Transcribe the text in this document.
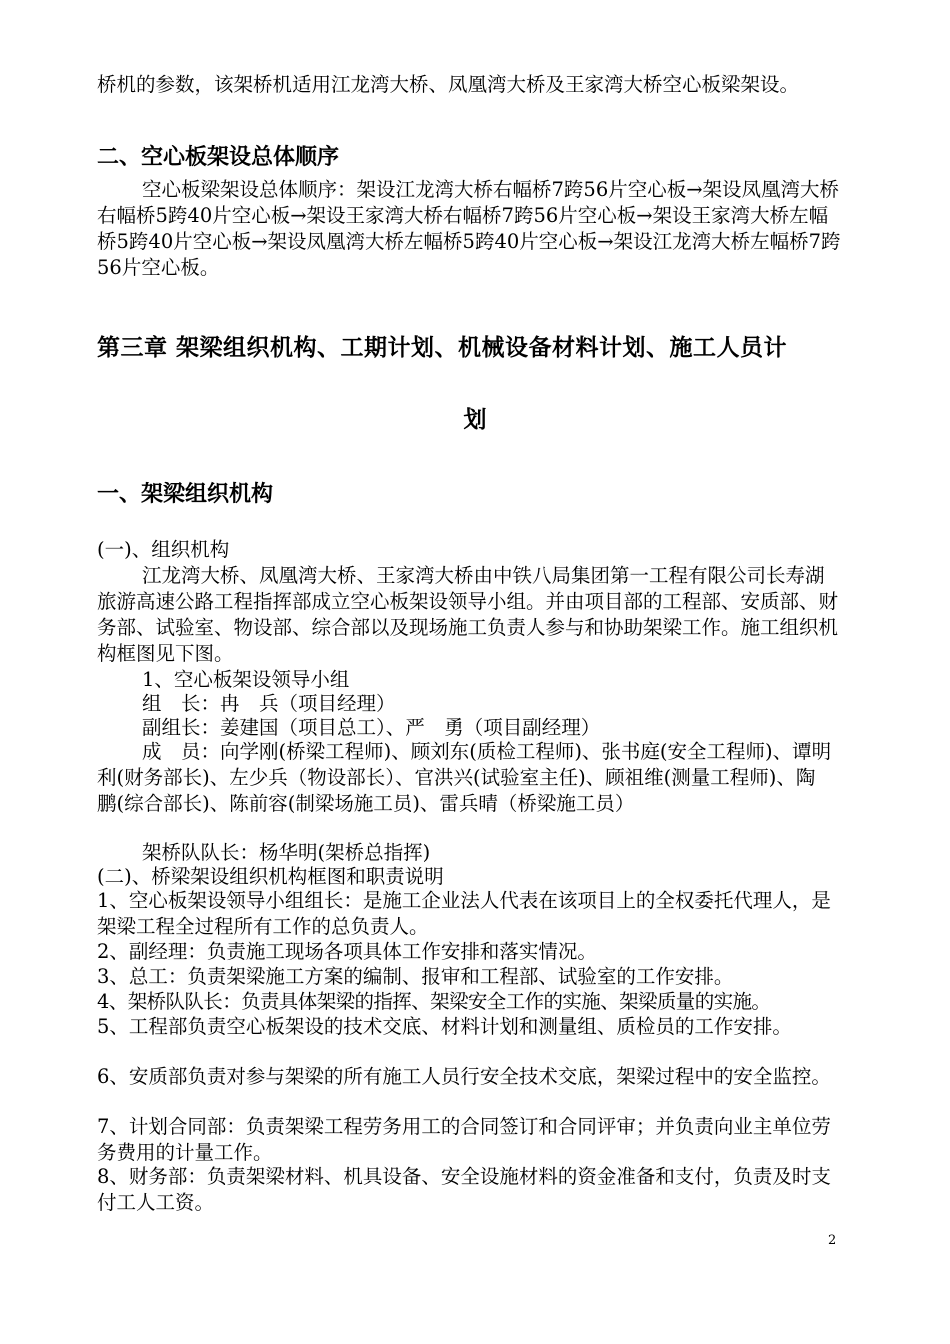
桥机的参数，该架桥机适用江龙湾大桥、凤凰湾大桥及王家湾大桥空心板梁架设。
二、空心板架设总体顺序
空心板梁架设总体顺序：架设江龙湾大桥右幅桥7跨56片空心板→架设凤凰湾大桥右幅桥5跨40片空心板→架设王家湾大桥右幅桥7跨56片空心板→架设王家湾大桥左幅桥5跨40片空心板→架设凤凰湾大桥左幅桥5跨40片空心板→架设江龙湾大桥左幅桥7跨56片空心板。
第三章 架梁组织机构、工期计划、机械设备材料计划、施工人员计
划
一、架梁组织机构
(一)、组织机构
江龙湾大桥、凤凰湾大桥、王家湾大桥由中铁八局集团第一工程有限公司长寿湖旅游高速公路工程指挥部成立空心板架设领导小组。并由项目部的工程部、安质部、财务部、试验室、物设部、综合部以及现场施工负责人参与和协助架梁工作。施工组织机构框图见下图。
1、空心板架设领导小组
组　长：冉　兵（项目经理）
副组长：姜建国（项目总工）、严　勇（项目副经理）
成　员：向学刚(桥梁工程师)、顾刘东(质检工程师)、张书庭(安全工程师)、谭明利(财务部长)、左少兵（物设部长）、官洪兴(试验室主任)、顾祖维(测量工程师)、陶　鹏(综合部长)、陈前容(制梁场施工员)、雷兵晴（桥梁施工员）
架桥队队长：杨华明(架桥总指挥)
(二)、桥梁架设组织机构框图和职责说明
1、空心板架设领导小组组长：是施工企业法人代表在该项目上的全权委托代理人，是架梁工程全过程所有工作的总负责人。
2、副经理：负责施工现场各项具体工作安排和落实情况。
3、总工：负责架梁施工方案的编制、报审和工程部、试验室的工作安排。
4、架桥队队长：负责具体架梁的指挥、架梁安全工作的实施、架梁质量的实施。
5、工程部负责空心板架设的技术交底、材料计划和测量组、质检员的工作安排。
6、安质部负责对参与架梁的所有施工人员行安全技术交底，架梁过程中的安全监控。
7、计划合同部：负责架梁工程劳务用工的合同签订和合同评审；并负责向业主单位劳务费用的计量工作。
8、财务部：负责架梁材料、机具设备、安全设施材料的资金准备和支付，负责及时支付工人工资。
2
